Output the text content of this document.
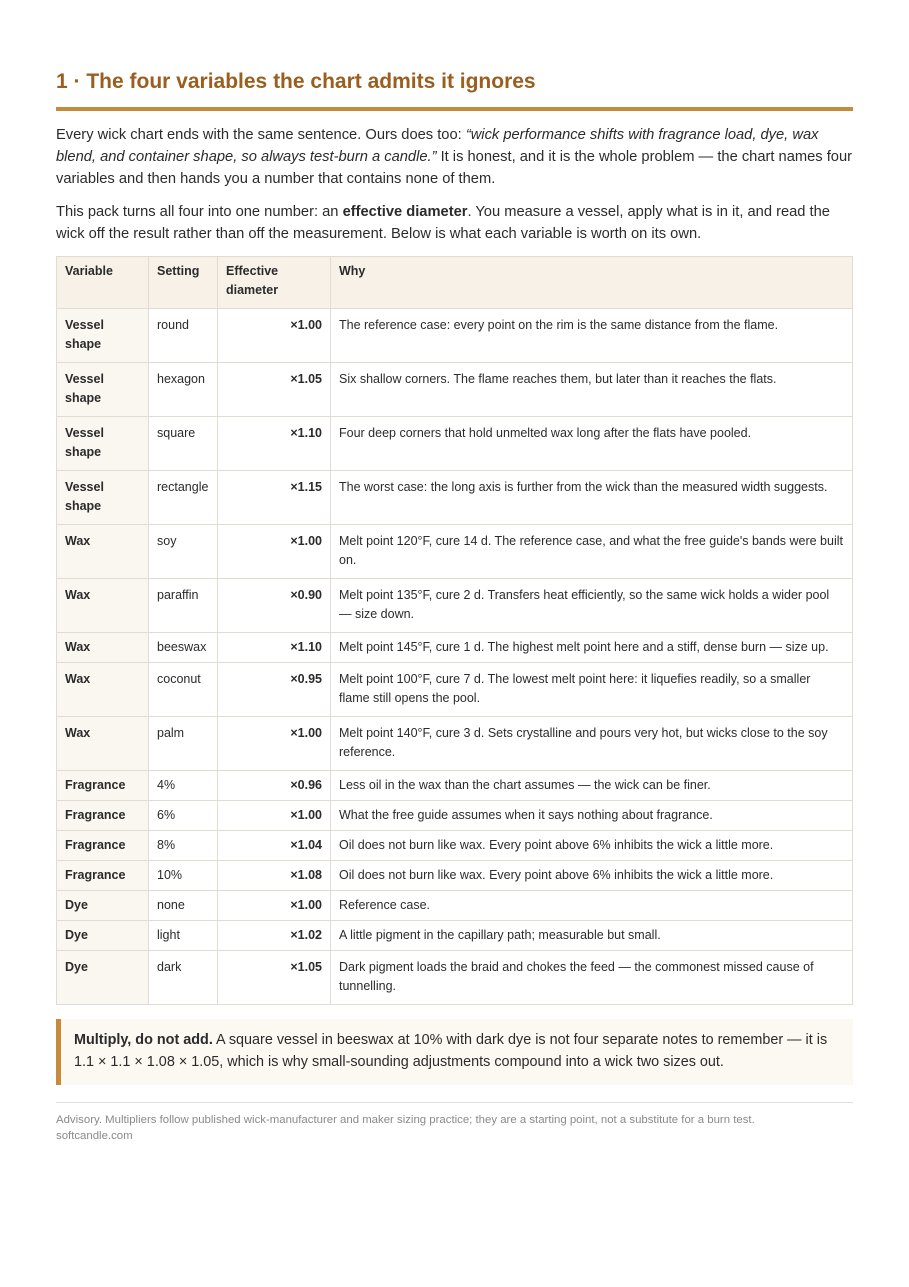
1 · The four variables the chart admits it ignores

Every wick chart ends with the same sentence. Ours does too: “wick performance shifts with fragrance load, dye, wax blend, and container shape, so always test-burn a candle.” It is honest, and it is the whole problem — the chart names four variables and then hands you a number that contains none of them.

This pack turns all four into one number: an effective diameter. You measure a vessel, apply what is in it, and read the wick off the result rather than off the measurement. Below is what each variable is worth on its own.

Variable	Setting	Effective diameter	Why
Vessel shape	round	×1.00	The reference case: every point on the rim is the same distance from the flame.
Vessel shape	hexagon	×1.05	Six shallow corners. The flame reaches them, but later than it reaches the flats.
Vessel shape	square	×1.10	Four deep corners that hold unmelted wax long after the flats have pooled.
Vessel shape	rectangle	×1.15	The worst case: the long axis is further from the wick than the measured width suggests.
Wax	soy	×1.00	Melt point 120°F, cure 14 d. The reference case, and what the free guide's bands were built on.
Wax	paraffin	×0.90	Melt point 135°F, cure 2 d. Transfers heat efficiently, so the same wick holds a wider pool — size down.
Wax	beeswax	×1.10	Melt point 145°F, cure 1 d. The highest melt point here and a stiff, dense burn — size up.
Wax	coconut	×0.95	Melt point 100°F, cure 7 d. The lowest melt point here: it liquefies readily, so a smaller flame still opens the pool.
Wax	palm	×1.00	Melt point 140°F, cure 3 d. Sets crystalline and pours very hot, but wicks close to the soy reference.
Fragrance	4%	×0.96	Less oil in the wax than the chart assumes — the wick can be finer.
Fragrance	6%	×1.00	What the free guide assumes when it says nothing about fragrance.
Fragrance	8%	×1.04	Oil does not burn like wax. Every point above 6% inhibits the wick a little more.
Fragrance	10%	×1.08	Oil does not burn like wax. Every point above 6% inhibits the wick a little more.
Dye	none	×1.00	Reference case.
Dye	light	×1.02	A little pigment in the capillary path; measurable but small.
Dye	dark	×1.05	Dark pigment loads the braid and chokes the feed — the commonest missed cause of tunnelling.
Multiply, do not add. A square vessel in beeswax at 10% with dark dye is not four separate notes to remember — it is 1.1 × 1.1 × 1.08 × 1.05, which is why small-sounding adjustments compound into a wick two sizes out.
Advisory. Multipliers follow published wick-manufacturer and maker sizing practice; they are a starting point, not a substitute for a burn test.
softcandle.com
